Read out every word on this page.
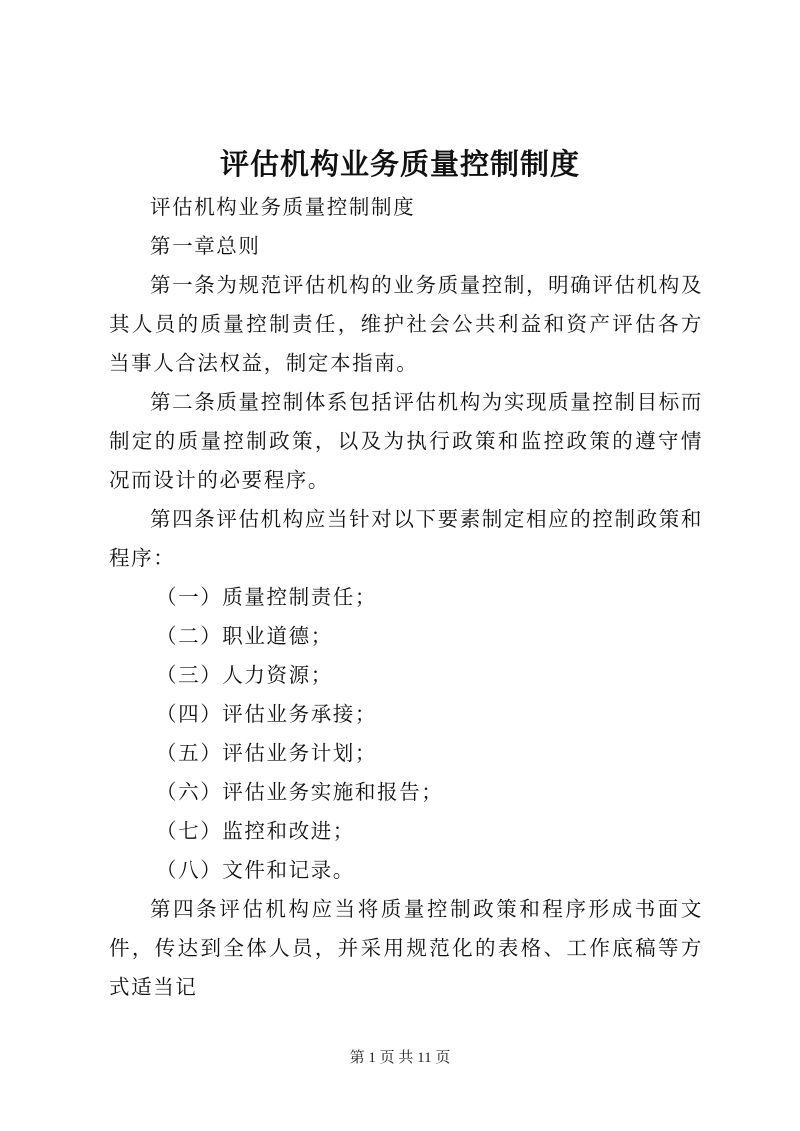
评估机构业务质量控制制度

评估机构业务质量控制制度

第一章总则

第一条为规范评估机构的业务质量控制，明确评估机构及其人员的质量控制责任，维护社会公共利益和资产评估各方当事人合法权益，制定本指南。

第二条质量控制体系包括评估机构为实现质量控制目标而制定的质量控制政策，以及为执行政策和监控政策的遵守情况而设计的必要程序。

第四条评估机构应当针对以下要素制定相应的控制政策和程序：

（一）质量控制责任；

（二）职业道德；

（三）人力资源；

（四）评估业务承接；

（五）评估业务计划；

（六）评估业务实施和报告；

（七）监控和改进；

（八）文件和记录。

第四条评估机构应当将质量控制政策和程序形成书面文件，传达到全体人员，并采用规范化的表格、工作底稿等方式适当记

第 1 页 共 11 页
